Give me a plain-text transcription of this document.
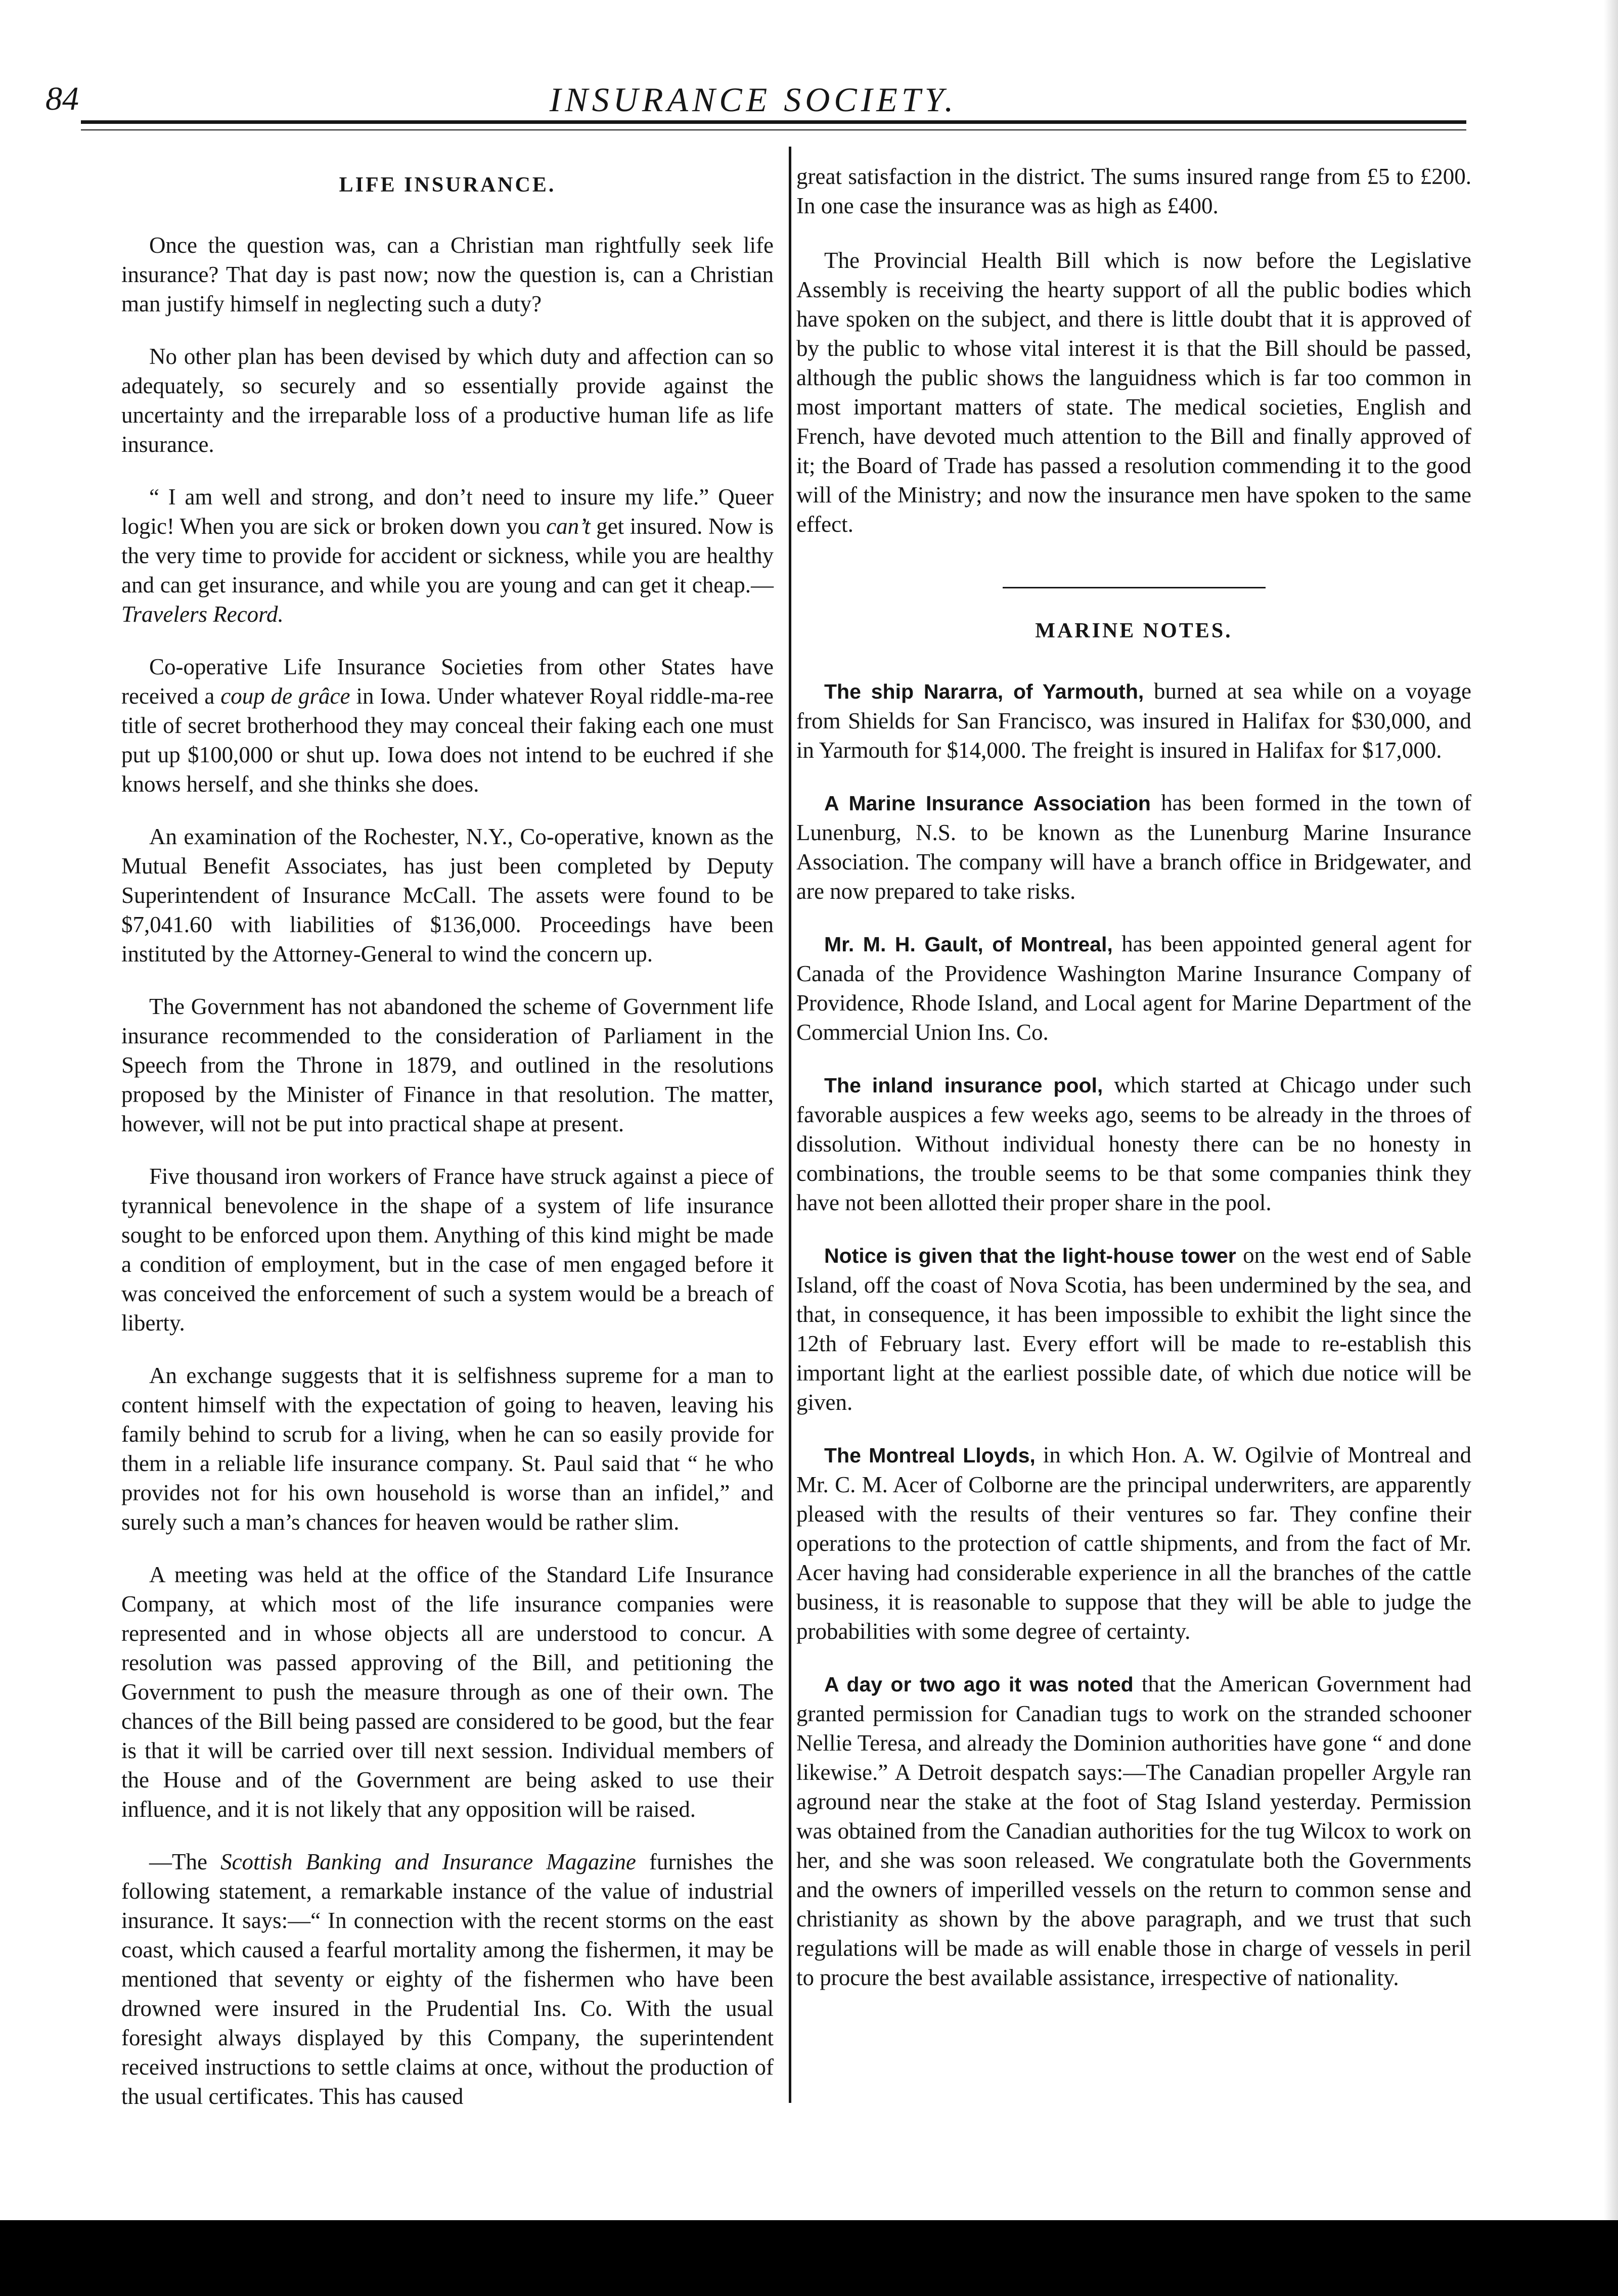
84	INSURANCE SOCIETY.
LIFE INSURANCE.

Once the question was, can a Christian man rightfully seek life insurance? That day is past now; now the question is, can a Christian man justify himself in neglecting such a duty?

No other plan has been devised by which duty and affection can so adequately, so securely and so essentially provide against the uncertainty and the irreparable loss of a productive human life as life insurance.

“ I am well and strong, and don’t need to insure my life.” Queer logic! When you are sick or broken down you can’t get insured. Now is the very time to provide for accident or sickness, while you are healthy and can get insurance, and while you are young and can get it cheap.—Travelers Record.

Co-operative Life Insurance Societies from other States have received a coup de grâce in Iowa. Under whatever Royal riddle-ma-ree title of secret brotherhood they may conceal their faking each one must put up $100,000 or shut up. Iowa does not intend to be euchred if she knows herself, and she thinks she does.

An examination of the Rochester, N.Y., Co-operative, known as the Mutual Benefit Associates, has just been completed by Deputy Superintendent of Insurance McCall. The assets were found to be $7,041.60 with liabilities of $136,000. Proceedings have been instituted by the Attorney-General to wind the concern up.

The Government has not abandoned the scheme of Government life insurance recommended to the consideration of Parliament in the Speech from the Throne in 1879, and outlined in the resolutions proposed by the Minister of Finance in that resolution. The matter, however, will not be put into practical shape at present.

Five thousand iron workers of France have struck against a piece of tyrannical benevolence in the shape of a system of life insurance sought to be enforced upon them. Anything of this kind might be made a condition of employment, but in the case of men engaged before it was conceived the enforcement of such a system would be a breach of liberty.

An exchange suggests that it is selfishness supreme for a man to content himself with the expectation of going to heaven, leaving his family behind to scrub for a living, when he can so easily provide for them in a reliable life insurance company. St. Paul said that “ he who provides not for his own household is worse than an infidel,” and surely such a man’s chances for heaven would be rather slim.

A meeting was held at the office of the Standard Life Insurance Company, at which most of the life insurance companies were represented and in whose objects all are understood to concur. A resolution was passed approving of the Bill, and petitioning the Government to push the measure through as one of their own. The chances of the Bill being passed are considered to be good, but the fear is that it will be carried over till next session. Individual members of the House and of the Government are being asked to use their influence, and it is not likely that any opposition will be raised.

—The Scottish Banking and Insurance Magazine furnishes the following statement, a remarkable instance of the value of industrial insurance. It says:—“ In connection with the recent storms on the east coast, which caused a fearful mortality among the fishermen, it may be mentioned that seventy or eighty of the fishermen who have been drowned were insured in the Prudential Ins. Co. With the usual foresight always displayed by this Company, the superintendent received instructions to settle claims at once, without the production of the usual certificates. This has caused

great satisfaction in the district. The sums insured range from £5 to £200. In one case the insurance was as high as £400.

The Provincial Health Bill which is now before the Legislative Assembly is receiving the hearty support of all the public bodies which have spoken on the subject, and there is little doubt that it is approved of by the public to whose vital interest it is that the Bill should be passed, although the public shows the languidness which is far too common in most important matters of state. The medical societies, English and French, have devoted much attention to the Bill and finally approved of it; the Board of Trade has passed a resolution commending it to the good will of the Ministry; and now the insurance men have spoken to the same effect.

MARINE NOTES.

The ship Nararra, of Yarmouth, burned at sea while on a voyage from Shields for San Francisco, was insured in Halifax for $30,000, and in Yarmouth for $14,000. The freight is insured in Halifax for $17,000.

A Marine Insurance Association has been formed in the town of Lunenburg, N.S. to be known as the Lunenburg Marine Insurance Association. The company will have a branch office in Bridgewater, and are now prepared to take risks.

Mr. M. H. Gault, of Montreal, has been appointed general agent for Canada of the Providence Washington Marine Insurance Company of Providence, Rhode Island, and Local agent for Marine Department of the Commercial Union Ins. Co.

The inland insurance pool, which started at Chicago under such favorable auspices a few weeks ago, seems to be already in the throes of dissolution. Without individual honesty there can be no honesty in combinations, the trouble seems to be that some companies think they have not been allotted their proper share in the pool.

Notice is given that the light-house tower on the west end of Sable Island, off the coast of Nova Scotia, has been undermined by the sea, and that, in consequence, it has been impossible to exhibit the light since the 12th of February last. Every effort will be made to re-establish this important light at the earliest possible date, of which due notice will be given.

The Montreal Lloyds, in which Hon. A. W. Ogilvie of Montreal and Mr. C. M. Acer of Colborne are the principal underwriters, are apparently pleased with the results of their ventures so far. They confine their operations to the protection of cattle shipments, and from the fact of Mr. Acer having had considerable experience in all the branches of the cattle business, it is reasonable to suppose that they will be able to judge the probabilities with some degree of certainty.

A day or two ago it was noted that the American Government had granted permission for Canadian tugs to work on the stranded schooner Nellie Teresa, and already the Dominion authorities have gone “ and done likewise.” A Detroit despatch says:—The Canadian propeller Argyle ran aground near the stake at the foot of Stag Island yesterday. Permission was obtained from the Canadian authorities for the tug Wilcox to work on her, and she was soon released. We congratulate both the Governments and the owners of imperilled vessels on the return to common sense and christianity as shown by the above paragraph, and we trust that such regulations will be made as will enable those in charge of vessels in peril to procure the best available assistance, irrespective of nationality.
